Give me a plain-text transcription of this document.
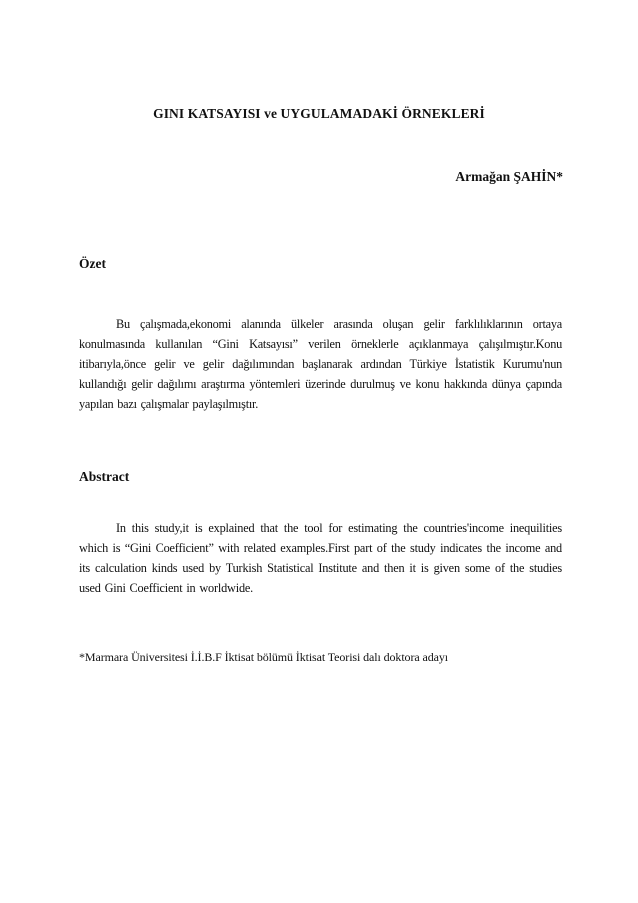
GINI KATSAYISI ve UYGULAMADAKİ ÖRNEKLERİ
Armağan ŞAHİN*
Özet
Bu çalışmada,ekonomi alanında ülkeler arasında oluşan gelir farklılıklarının ortaya konulmasında kullanılan “Gini Katsayısı” verilen örneklerle açıklanmaya çalışılmıştır.Konu itibarıyla,önce gelir ve gelir dağılımından başlanarak ardından Türkiye İstatistik Kurumu'nun kullandığı gelir dağılımı araştırma yöntemleri üzerinde durulmuş ve konu hakkında dünya çapında yapılan bazı çalışmalar paylaşılmıştır.
Abstract
In this study,it is explained that the tool for estimating the countries'income inequilities which is “Gini Coefficient” with related examples.First part of the study indicates the income and its calculation kinds used by Turkish Statistical Institute and then it is given some of the studies used Gini Coefficient in worldwide.
*Marmara Üniversitesi İ.İ.B.F İktisat bölümü İktisat Teorisi dalı doktora adayı
